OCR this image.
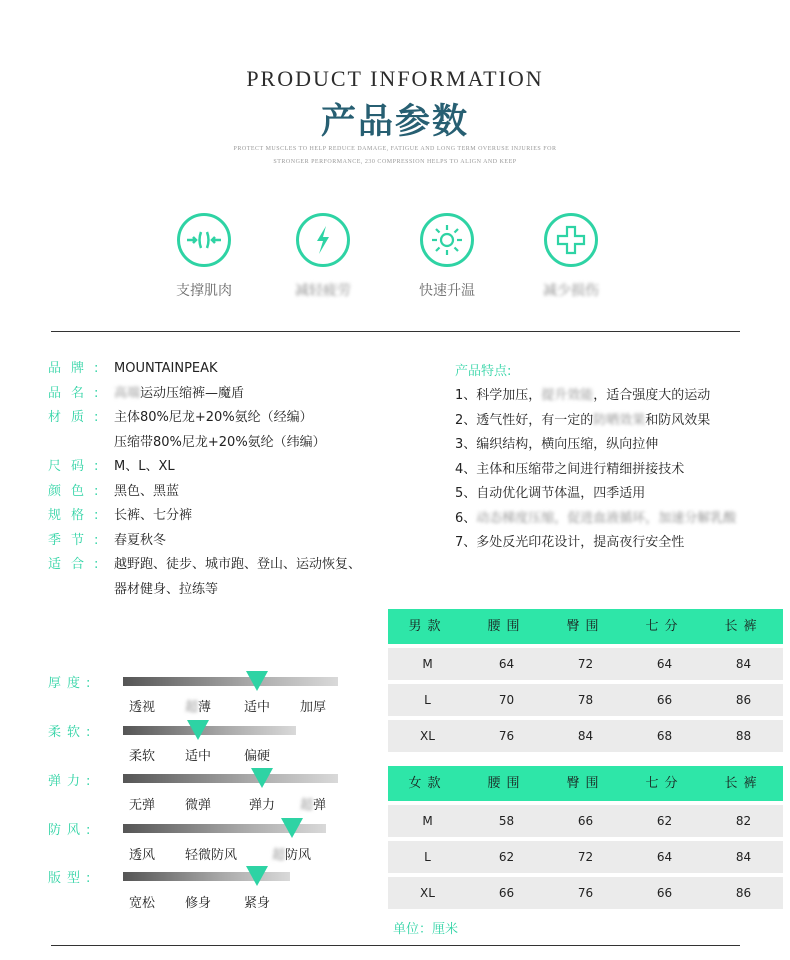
PRODUCT INFORMATION
产品参数
PROTECT MUSCLES TO HELP REDUCE DAMAGE, FATIGUE AND LONG TERM OVERUSE INJURIES FOR STRONGER PERFORMANCE, 230 COMPRESSION HELPS TO ALIGN AND KEEP
支撑肌肉	减轻疲劳	快速升温	减少损伤
品牌: MOUNTAINPEAK
品名: 高端运动压缩裤—魔盾
材质: 主体80%尼龙+20%氨纶（经编）
压缩带80%尼龙+20%氨纶（纬编）
尺码: M、L、XL
颜色: 黑色、黑蓝
规格: 长裤、七分裤
季节: 春夏秋冬
适合: 越野跑、徒步、城市跑、登山、运动恢复、
器材健身、拉练等
产品特点:
1、科学加压，提升效能，适合强度大的运动
2、透气性好，有一定的防晒效果和防风效果
3、编织结构，横向压缩，纵向拉伸
4、主体和压缩带之间进行精细拼接技术
5、自动优化调节体温，四季适用
6、动态梯度压缩，促进血液循环，加速分解乳酸
7、多处反光印花设计，提高夜行安全性
厚度:
透视 超薄	适中 加厚
柔软:
柔软 适中	偏硬
弹力:
无弹 微弹	弹力 超弹
防风:
透风 轻微防风	超防风
版型:
宽松 修身	紧身
男款	腰围	臀围	七分	长裤
M	64	72	64	84
L	70	78	66	86
XL	76	84	68	88
女款	腰围	臀围	七分	长裤
M	58	66	62	82
L	62	72	64	84
XL	66	76	66	86
单位：厘米
